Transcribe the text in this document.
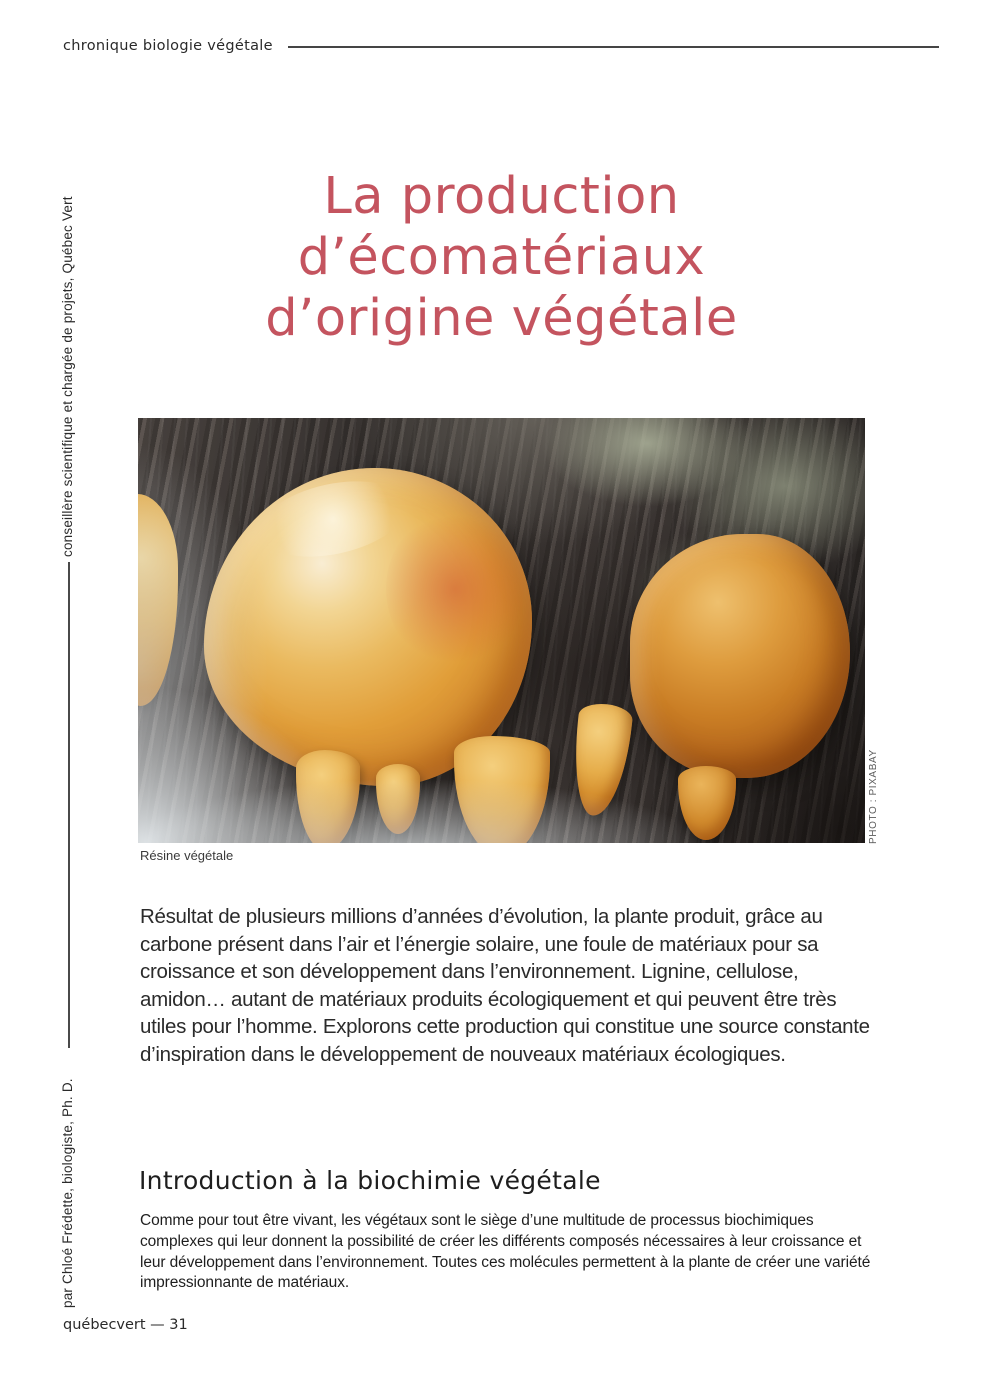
chronique biologie végétale
conseillère scientifique et chargée de projets, Québec Vert
par Chloé Frédette, biologiste, Ph. D.
La production
d’écomatériaux
d’origine végétale
PHOTO : PIXABAY
Résine végétale
Résultat de plusieurs millions d’années d’évolution, la plante produit, grâce au carbone présent dans l’air et l’énergie solaire, une foule de matériaux pour sa croissance et son développement dans l’environnement. Lignine, cellulose, amidon… autant de matériaux produits écologiquement et qui peuvent être très utiles pour l’homme. Explorons cette production qui constitue une source constante d’inspiration dans le développement de nouveaux matériaux écologiques.
Introduction à la biochimie végétale
Comme pour tout être vivant, les végétaux sont le siège d’une multitude de processus biochimiques complexes qui leur donnent la possibilité de créer les différents composés nécessaires à leur croissance et leur développement dans l’environnement. Toutes ces molécules permettent à la plante de créer une variété impressionnante de matériaux.
québecvert — 31
